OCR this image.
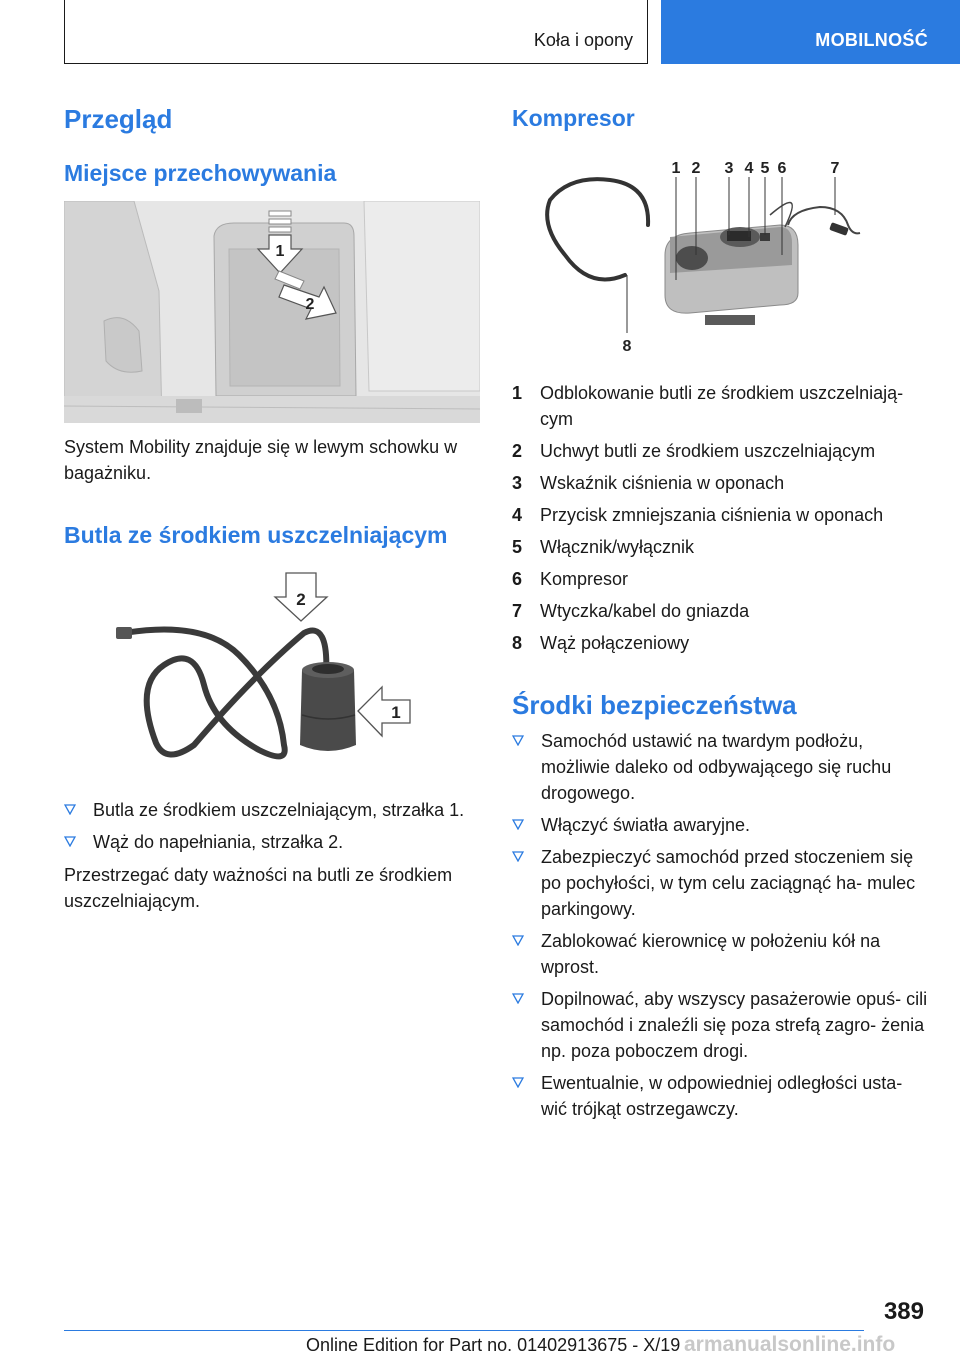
Koła i opony	MOBILNOŚĆ
Przegląd
Miejsce przechowywania
1
2
System Mobility znajduje się w lewym schowku w bagażniku.
Butla ze środkiem uszczelniającym
2
1
Butla ze środkiem uszczelniającym, strzałka 1.
Wąż do napełniania, strzałka 2.
Przestrzegać daty ważności na butli ze środkiem uszczelniającym.
Kompresor
1 2 3 4 5 6	7
8
1 Odblokowanie butli ze środkiem uszczelniają‐ cym
2 Uchwyt butli ze środkiem uszczelniającym
3 Wskaźnik ciśnienia w oponach
4 Przycisk zmniejszania ciśnienia w oponach
5 Włącznik/wyłącznik
6 Kompresor
7 Wtyczka/kabel do gniazda
8 Wąż połączeniowy
Środki bezpieczeństwa
Samochód ustawić na twardym podłożu, możliwie daleko od odbywającego się ruchu drogowego.
Włączyć światła awaryjne.
Zabezpieczyć samochód przed stoczeniem się po pochyłości, w tym celu zaciągnąć ha‐ mulec parkingowy.
Zablokować kierownicę w położeniu kół na wprost.
Dopilnować, aby wszyscy pasażerowie opuś‐ cili samochód i znaleźli się poza strefą zagro‐ żenia np. poza poboczem drogi.
Ewentualnie, w odpowiedniej odległości usta‐ wić trójkąt ostrzegawczy.
389
Online Edition for Part no. 01402913675 - X/19 armanualsonline.info
